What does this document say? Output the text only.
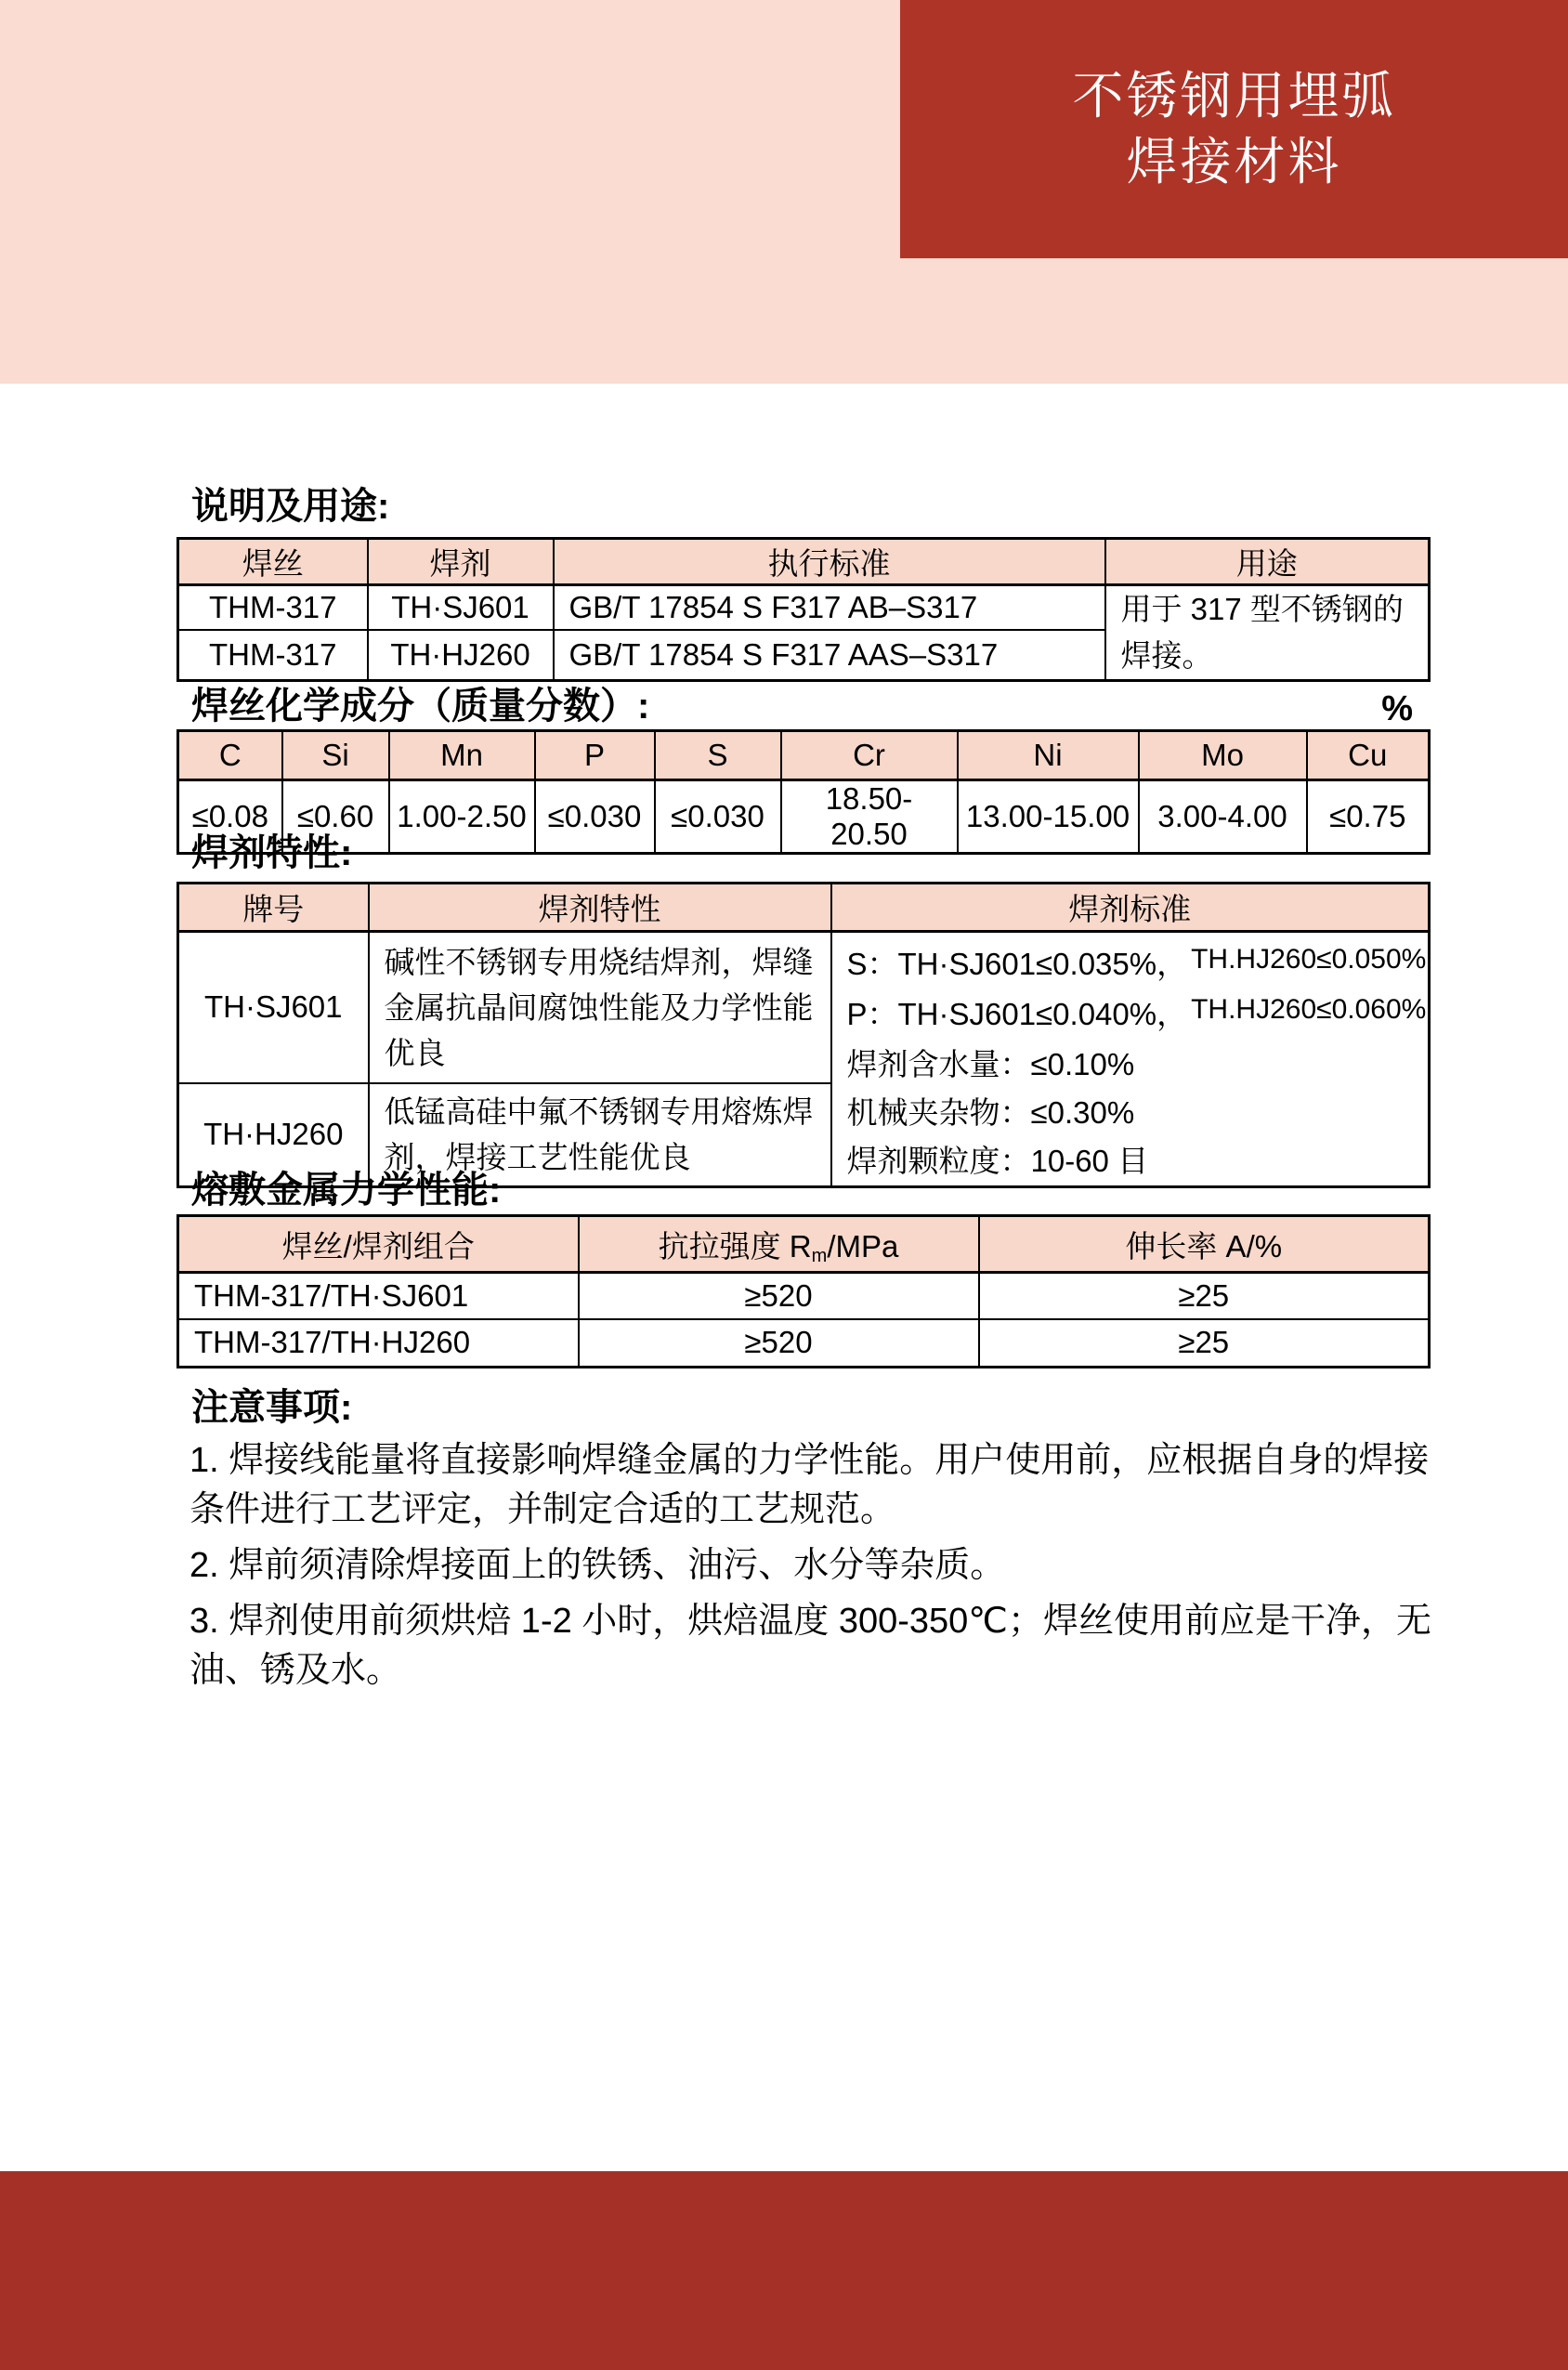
不锈钢用埋弧
焊接材料
说明及用途:
焊丝	焊剂	执行标准	用途
THM-317	TH·SJ601	GB/T 17854 S F317 AB–S317	用于 317 型不锈钢的焊接。
THM-317	TH·HJ260	GB/T 17854 S F317 AAS–S317	
焊丝化学成分（质量分数）:	%
C	Si	Mn	P	S	Cr	Ni	Mo	Cu
≤0.08	≤0.60	1.00-2.50	≤0.030	≤0.030	18.50-20.50	13.00-15.00	3.00-4.00	≤0.75
焊剂特性:
牌号	焊剂特性	焊剂标准
TH·SJ601	碱性不锈钢专用烧结焊剂，焊缝金属抗晶间腐蚀性能及力学性能优良	S：TH·SJ601≤0.035%， TH.HJ260≤0.050%
P：TH·SJ601≤0.040%， TH.HJ260≤0.060%
焊剂含水量：≤0.10%
机械夹杂物：≤0.30%
焊剂颗粒度：10-60 目

TH·HJ260	低锰高硅中氟不锈钢专用熔炼焊剂，焊接工艺性能优良	
熔敷金属力学性能:
焊丝/焊剂组合	抗拉强度 Rm/MPa	伸长率 A/%
THM-317/TH·SJ601	≥520	≥25
THM-317/TH·HJ260	≥520	≥25
注意事项:

1. 焊接线能量将直接影响焊缝金属的力学性能。用户使用前，应根据自身的焊接条件进行工艺评定，并制定合适的工艺规范。

2. 焊前须清除焊接面上的铁锈、油污、水分等杂质。

3. 焊剂使用前须烘焙 1-2 小时，烘焙温度 300-350℃；焊丝使用前应是干净，无油、锈及水。
